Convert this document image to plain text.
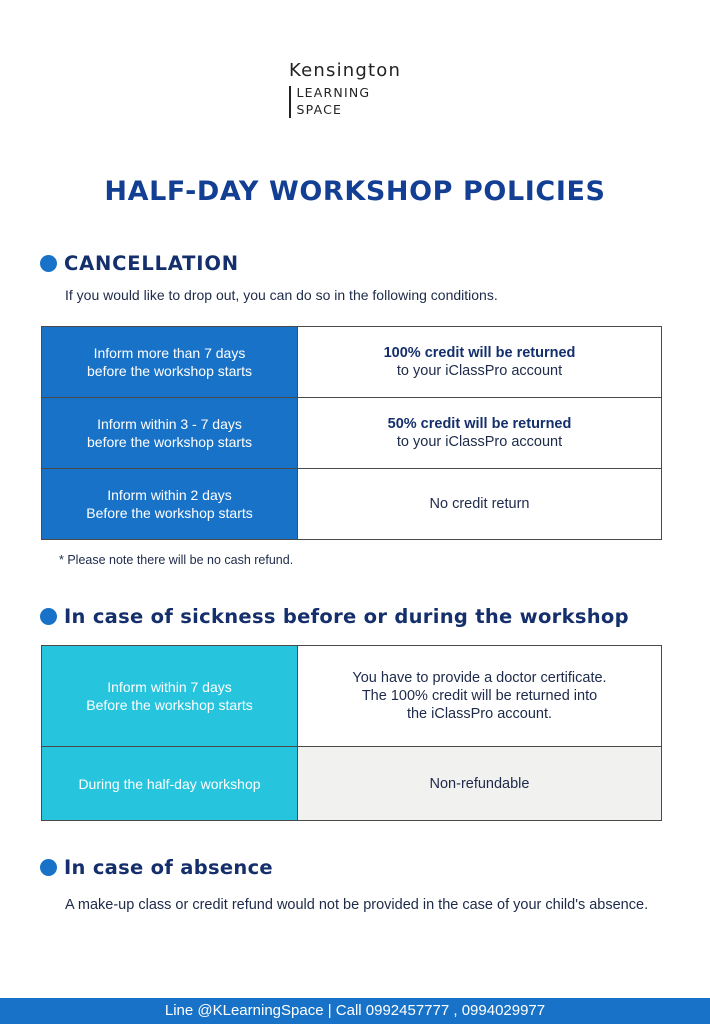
Kensington
LEARNING
SPACE
HALF-DAY WORKSHOP POLICIES
CANCELLATION
If you would like to drop out, you can do so in the following conditions.
Inform more than 7 days
before the workshop starts
100% credit will be returned
to your iClassPro account
Inform within 3 - 7 days
before the workshop starts
50% credit will be returned
to your iClassPro account
Inform within 2 days
Before the workshop starts
No credit return
* Please note there will be no cash refund.
In case of sickness before or during the workshop
Inform within 7 days
Before the workshop starts
You have to provide a doctor certificate.
The 100% credit will be returned into
the iClassPro account.
During the half-day workshop	Non-refundable
In case of absence
A make-up class or credit refund would not be provided in the case of your child's absence.
Line @KLearningSpace | Call 0992457777 , 0994029977
